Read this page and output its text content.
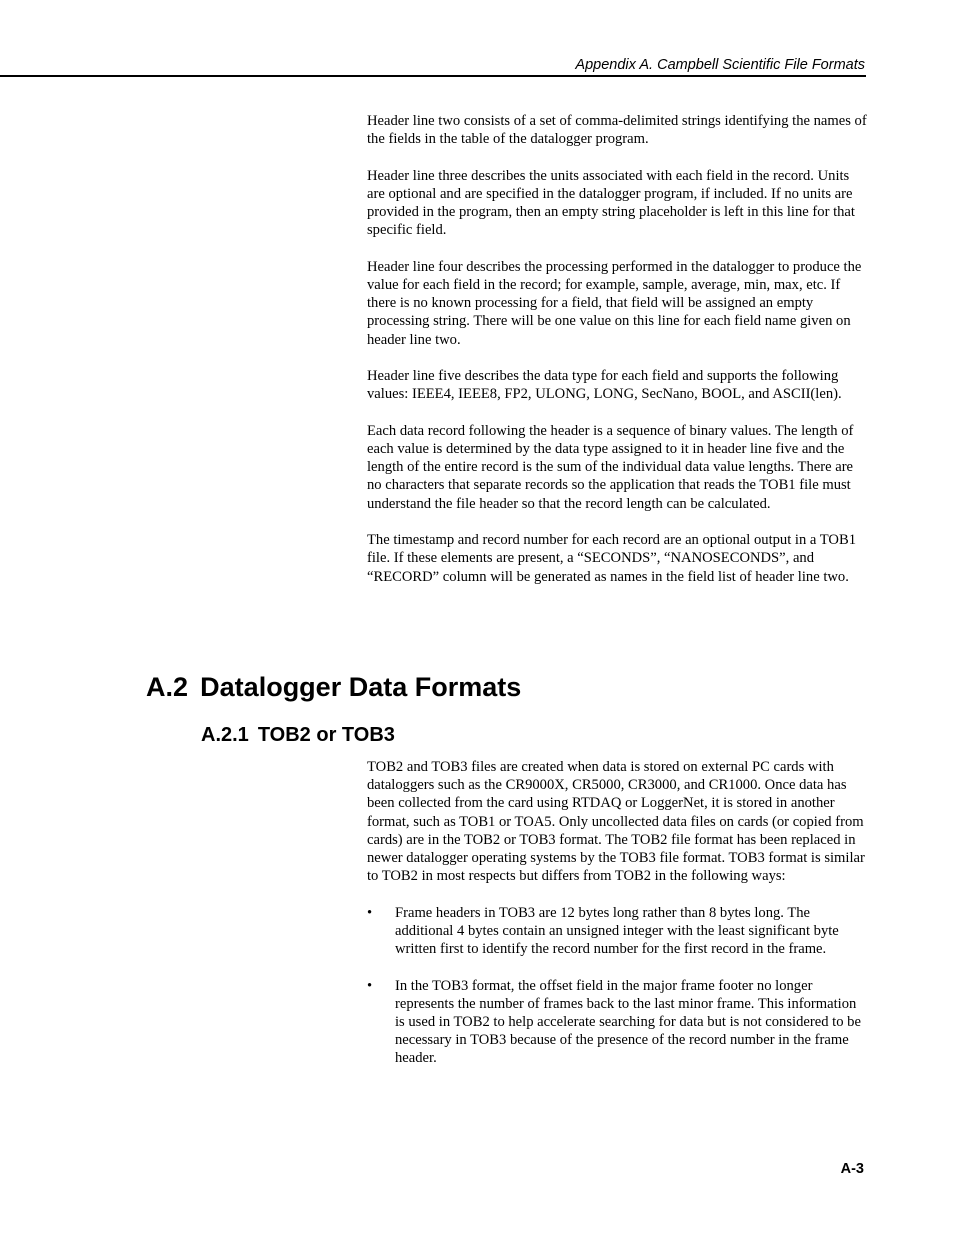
Appendix A. Campbell Scientific File Formats

Header line two consists of a set of comma-delimited strings identifying the names of the fields in the table of the datalogger program.

Header line three describes the units associated with each field in the record. Units are optional and are specified in the datalogger program, if included. If no units are provided in the program, then an empty string placeholder is left in this line for that specific field.

Header line four describes the processing performed in the datalogger to produce the value for each field in the record; for example, sample, average, min, max, etc. If there is no known processing for a field, that field will be assigned an empty processing string. There will be one value on this line for each field name given on header line two.

Header line five describes the data type for each field and supports the following values: IEEE4, IEEE8, FP2, ULONG, LONG, SecNano, BOOL, and ASCII(len).

Each data record following the header is a sequence of binary values. The length of each value is determined by the data type assigned to it in header line five and the length of the entire record is the sum of the individual data value lengths. There are no characters that separate records so the application that reads the TOB1 file must understand the file header so that the record length can be calculated.

The timestamp and record number for each record are an optional output in a TOB1 file. If these elements are present, a “SECONDS”, “NANOSECONDS”, and “RECORD” column will be generated as names in the field list of header line two.

A.2 Datalogger Data Formats
A.2.1 TOB2 or TOB3

TOB2 and TOB3 files are created when data is stored on external PC cards with dataloggers such as the CR9000X, CR5000, CR3000, and CR1000. Once data has been collected from the card using RTDAQ or LoggerNet, it is stored in another format, such as TOB1 or TOA5. Only uncollected data files on cards (or copied from cards) are in the TOB2 or TOB3 format. The TOB2 file format has been replaced in newer datalogger operating systems by the TOB3 file format. TOB3 format is similar to TOB2 in most respects but differs from TOB2 in the following ways:

• Frame headers in TOB3 are 12 bytes long rather than 8 bytes long. The additional 4 bytes contain an unsigned integer with the least significant byte written first to identify the record number for the first record in the frame.
• In the TOB3 format, the offset field in the major frame footer no longer represents the number of frames back to the last minor frame. This information is used in TOB2 to help accelerate searching for data but is not considered to be necessary in TOB3 because of the presence of the record number in the frame header.
A-3
